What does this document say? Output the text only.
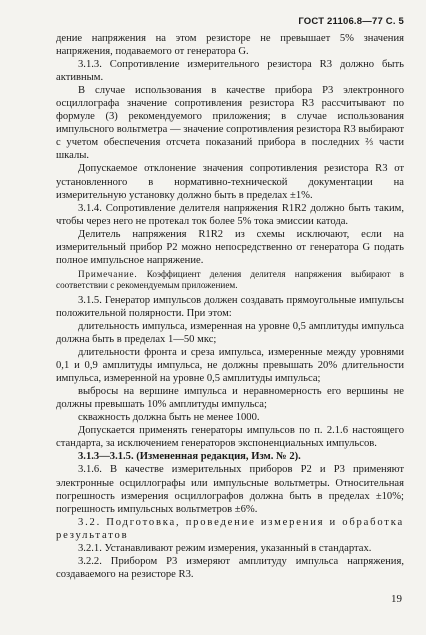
ГОСТ 21106.8—77 С. 5

дение напряжения на этом резисторе не превышает 5% значения напряжения, подаваемого от генератора G.

3.1.3. Сопротивление измерительного резистора R3 должно быть активным.

В случае использования в качестве прибора Р3 электронного осциллографа значение сопротивления резистора R3 рассчитывают по формуле (3) рекомендуемого приложения; в случае использования импульсного вольтметра — значение сопротивления резистора R3 выбирают с учетом обеспечения отсчета показаний прибора в последних ⅔ части шкалы.

Допускаемое отклонение значения сопротивления резистора R3 от установленного в нормативно-технической документации на измерительную установку должно быть в пределах ±1%.

3.1.4. Сопротивление делителя напряжения R1R2 должно быть таким, чтобы через него не протекал ток более 5% тока эмиссии катода.

Делитель напряжения R1R2 из схемы исключают, если на измерительный прибор Р2 можно непосредственно от генератора G подать полное импульсное напряжение.

Примечание. Коэффициент деления делителя напряжения выбирают в соответствии с рекомендуемым приложением.

3.1.5. Генератор импульсов должен создавать прямоугольные импульсы положительной полярности. При этом:

длительность импульса, измеренная на уровне 0,5 амплитуды импульса должна быть в пределах 1—50 мкс;

длительности фронта и среза импульса, измеренные между уровнями 0,1 и 0,9 амплитуды импульса, не должны превышать 20% длительности импульса, измеренной на уровне 0,5 амплитуды импульса;

выбросы на вершине импульса и неравномерность его вершины не должны превышать 10% амплитуды импульса;

скважность должна быть не менее 1000.

Допускается применять генераторы импульсов по п. 2.1.6 настоящего стандарта, за исключением генераторов экспоненциальных импульсов.

3.1.3—3.1.5. (Измененная редакция, Изм. № 2).

3.1.6. В качестве измерительных приборов Р2 и Р3 применяют электронные осциллографы или импульсные вольтметры. Относительная погрешность измерения осциллографов должна быть в пределах ±10%; погрешность импульсных вольтметров ±6%.

3.2. Подготовка, проведение измерения и обработка результатов

3.2.1. Устанавливают режим измерения, указанный в стандартах.

3.2.2. Прибором Р3 измеряют амплитуду импульса напряжения, создаваемого на резисторе R3.

19
